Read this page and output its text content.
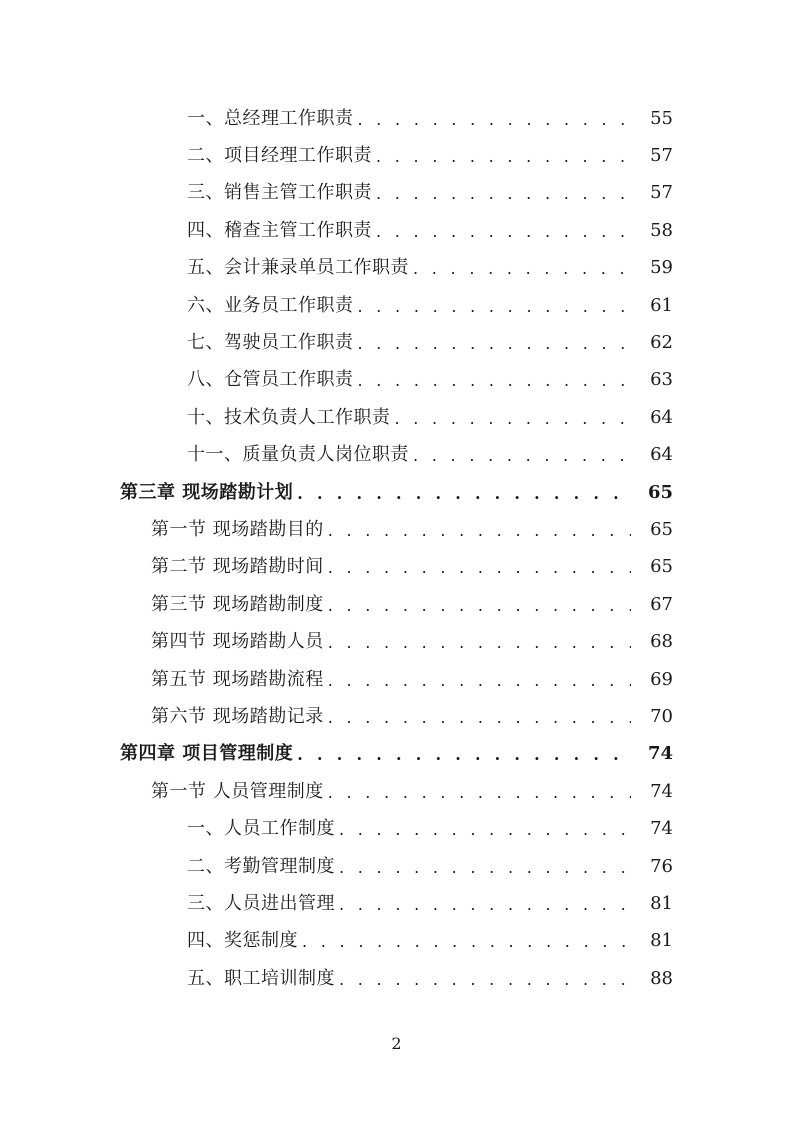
一、总经理工作职责 . . .	55
二、项目经理工作职责 . . .	57
三、销售主管工作职责 . . .	57
四、稽查主管工作职责 . . .	58
五、会计兼录单员工作职责 . . .	59
六、业务员工作职责 . . .	61
七、驾驶员工作职责 . . .	62
八、仓管员工作职责 . . .	63
十、技术负责人工作职责 . . .	64
十一、质量负责人岗位职责 . . .	64
第三章 现场踏勘计划 . . .	65
第一节 现场踏勘目的 . . .	65
第二节 现场踏勘时间 . . .	65
第三节 现场踏勘制度 . . .	67
第四节 现场踏勘人员 . . .	68
第五节 现场踏勘流程 . . .	69
第六节 现场踏勘记录 . . .	70
第四章 项目管理制度 . . .	74
第一节 人员管理制度 . . .	74
一、人员工作制度 . . .	74
二、考勤管理制度 . . .	76
三、人员进出管理 . . .	81
四、奖惩制度 . . .	81
五、职工培训制度 . . .	88
2
